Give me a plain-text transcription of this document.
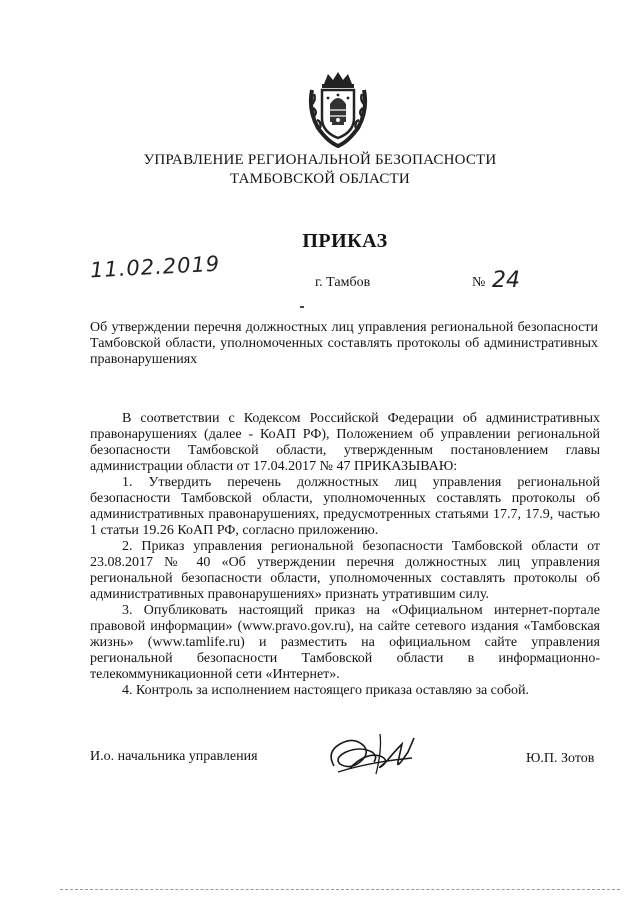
УПРАВЛЕНИЕ РЕГИОНАЛЬНОЙ БЕЗОПАСНОСТИ
ТАМБОВСКОЙ ОБЛАСТИ
ПРИКАЗ
11.02.2019
г. Тамбов	№ 24

Об утверждении перечня должностных лиц управления региональной безопасности Тамбовской области, уполномоченных составлять протоколы об административных правонарушениях

В соответствии с Кодексом Российской Федерации об административных правонарушениях (далее - КоАП РФ), Положением об управлении региональной безопасности Тамбовской области, утвержденным постановлением главы администрации области от 17.04.2017 № 47 ПРИКАЗЫВАЮ:

1. Утвердить перечень должностных лиц управления региональной безопасности Тамбовской области, уполномоченных составлять протоколы об административных правонарушениях, предусмотренных статьями 17.7, 17.9, частью 1 статьи 19.26 КоАП РФ, согласно приложению.

2. Приказ управления региональной безопасности Тамбовской области от 23.08.2017 № 40 «Об утверждении перечня должностных лиц управления региональной безопасности области, уполномоченных составлять протоколы об административных правонарушениях» признать утратившим силу.

3. Опубликовать настоящий приказ на «Официальном интернет-портале правовой информации» (www.pravo.gov.ru), на сайте сетевого издания «Тамбовская жизнь» (www.tamlife.ru) и разместить на официальном сайте управления региональной безопасности Тамбовской области в информационно-телекоммуникационной сети «Интернет».

4. Контроль за исполнением настоящего приказа оставляю за собой.

И.о. начальника управления	Ю.П. Зотов
